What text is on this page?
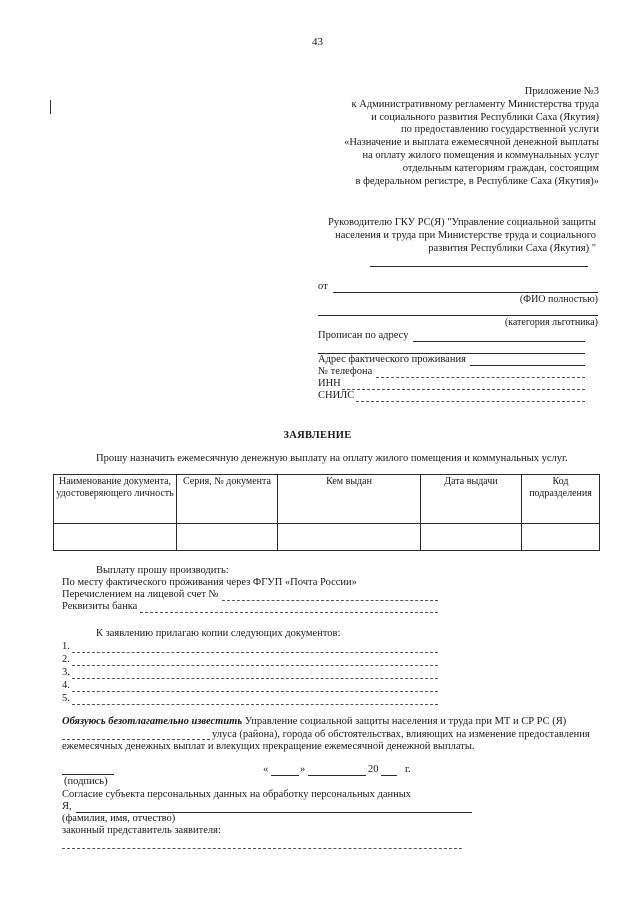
43
Приложение №3
к Административному регламенту Министерства труда
и социального развития Республики Саха (Якутия)
по предоставлению государственной услуги
«Назначение и выплата ежемесячной денежной выплаты
на оплату жилого помещения и коммунальных услуг
отдельным категориям граждан, состоящим
в федеральном регистре, в Республике Саха (Якутия)»
Руководителю ГКУ РС(Я) "Управление социальной защиты населения и труда при Министерстве труда и социального развития Республики Саха (Якутия) "
от
(ФИО полностью)
(категория льготника)
Прописан по адресу
Адрес фактического проживания
№ телефона
ИНН
СНИЛС
ЗАЯВЛЕНИЕ
Прошу назначить ежемесячную денежную выплату на оплату жилого помещения и коммунальных услуг.
Наименование документа, удостоверяющего личность	Серия, № документа	Кем выдан	Дата выдачи	Код подразделения

Выплату прошу производить:
По месту фактического проживания через ФГУП «Почта России»
Перечислением на лицевой счет №
Реквизиты банка
К заявлению прилагаю копии следующих документов:
1.
2.
3.
4.
5.
Обязуюсь безотлагательно известить Управление социальной защиты населения и труда при МТ и СР РС (Я)
улуса (района), города об обстоятельствах, влияющих на изменение предоставления
ежемесячных денежных выплат и влекущих прекращение ежемесячной денежной выплаты.
«	»	20	г.
(подпись)
Согласие субъекта персональных данных на обработку персональных данных
Я,
(фамилия, имя, отчество)
законный представитель заявителя:
